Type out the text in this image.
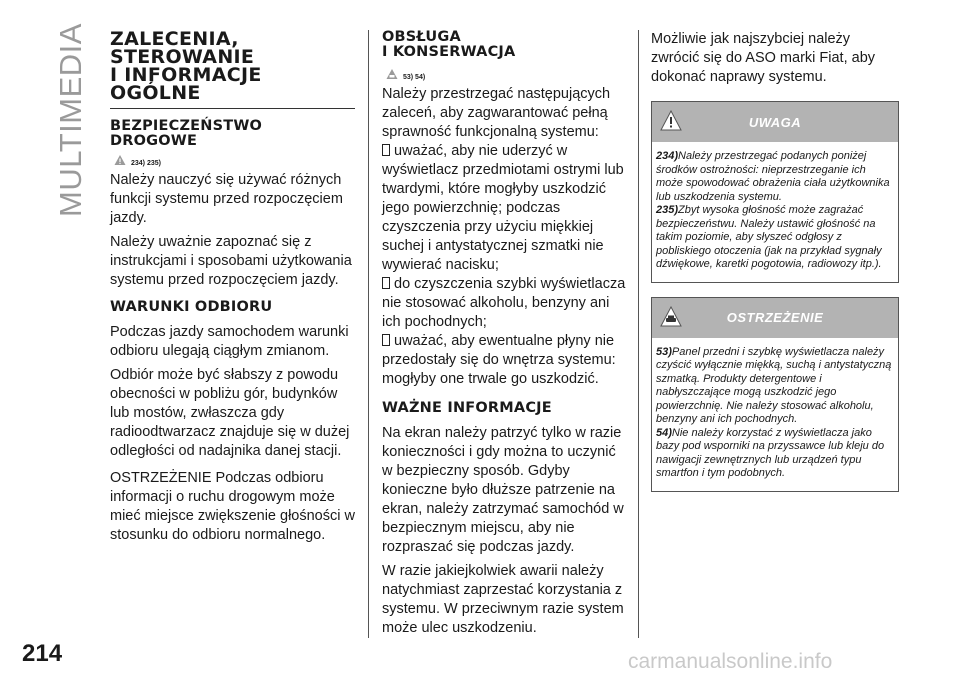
MULTIMEDIA ZALECENIA,
STEROWANIE
I INFORMACJE
OGÓLNE
BEZPIECZEŃSTWO
DROGOWE
234) 235)

Należy nauczyć się używać różnych funkcji systemu przed rozpoczęciem jazdy.

Należy uważnie zapoznać się z instrukcjami i sposobami użytkowania systemu przed rozpoczęciem jazdy.

WARUNKI ODBIORU

Podczas jazdy samochodem warunki odbioru ulegają ciągłym zmianom.

Odbiór może być słabszy z powodu obecności w pobliżu gór, budynków lub mostów, zwłaszcza gdy radioodtwarzacz znajduje się w dużej odległości od nadajnika danej stacji.

OSTRZEŻENIE Podczas odbioru informacji o ruchu drogowym może mieć miejsce zwiększenie głośności w stosunku do odbioru normalnego.

OBSŁUGA
I KONSERWACJA
53) 54)

Należy przestrzegać następujących zaleceń, aby zagwarantować pełną sprawność funkcjonalną systemu:

uważać, aby nie uderzyć w wyświetlacz przedmiotami ostrymi lub twardymi, które mogłyby uszkodzić jego powierzchnię; podczas czyszczenia przy użyciu miękkiej suchej i antystatycznej szmatki nie wywierać nacisku;
do czyszczenia szybki wyświetlacza nie stosować alkoholu, benzyny ani ich pochodnych;
uważać, aby ewentualne płyny nie przedostały się do wnętrza systemu: mogłyby one trwale go uszkodzić.
WAŻNE INFORMACJE

Na ekran należy patrzyć tylko w razie konieczności i gdy można to uczynić w bezpieczny sposób. Gdyby konieczne było dłuższe patrzenie na ekran, należy zatrzymać samochód w bezpiecznym miejscu, aby nie rozpraszać się podczas jazdy.

W razie jakiejkolwiek awarii należy natychmiast zaprzestać korzystania z systemu. W przeciwnym razie system może ulec uszkodzeniu.

Możliwie jak najszybciej należy zwrócić się do ASO marki Fiat, aby dokonać naprawy systemu.

UWAGA

234)Należy przestrzegać podanych poniżej środków ostrożności: nieprzestrzeganie ich może spowodować obrażenia ciała użytkownika lub uszkodzenia systemu.

235)Zbyt wysoka głośność może zagrażać bezpieczeństwu. Należy ustawić głośność na takim poziomie, aby słyszeć odgłosy z pobliskiego otoczenia (jak na przykład sygnały dźwiękowe, karetki pogotowia, radiowozy itp.).

OSTRZEŻENIE

53)Panel przedni i szybkę wyświetlacza należy czyścić wyłącznie miękką, suchą i antystatyczną szmatką. Produkty detergentowe i nabłyszczające mogą uszkodzić jego powierzchnię. Nie należy stosować alkoholu, benzyny ani ich pochodnych.

54)Nie należy korzystać z wyświetlacza jako bazy pod wsporniki na przyssawce lub kleju do nawigacji zewnętrznych lub urządzeń typu smartfon i tym podobnych.

214	carmanualsonline.info
